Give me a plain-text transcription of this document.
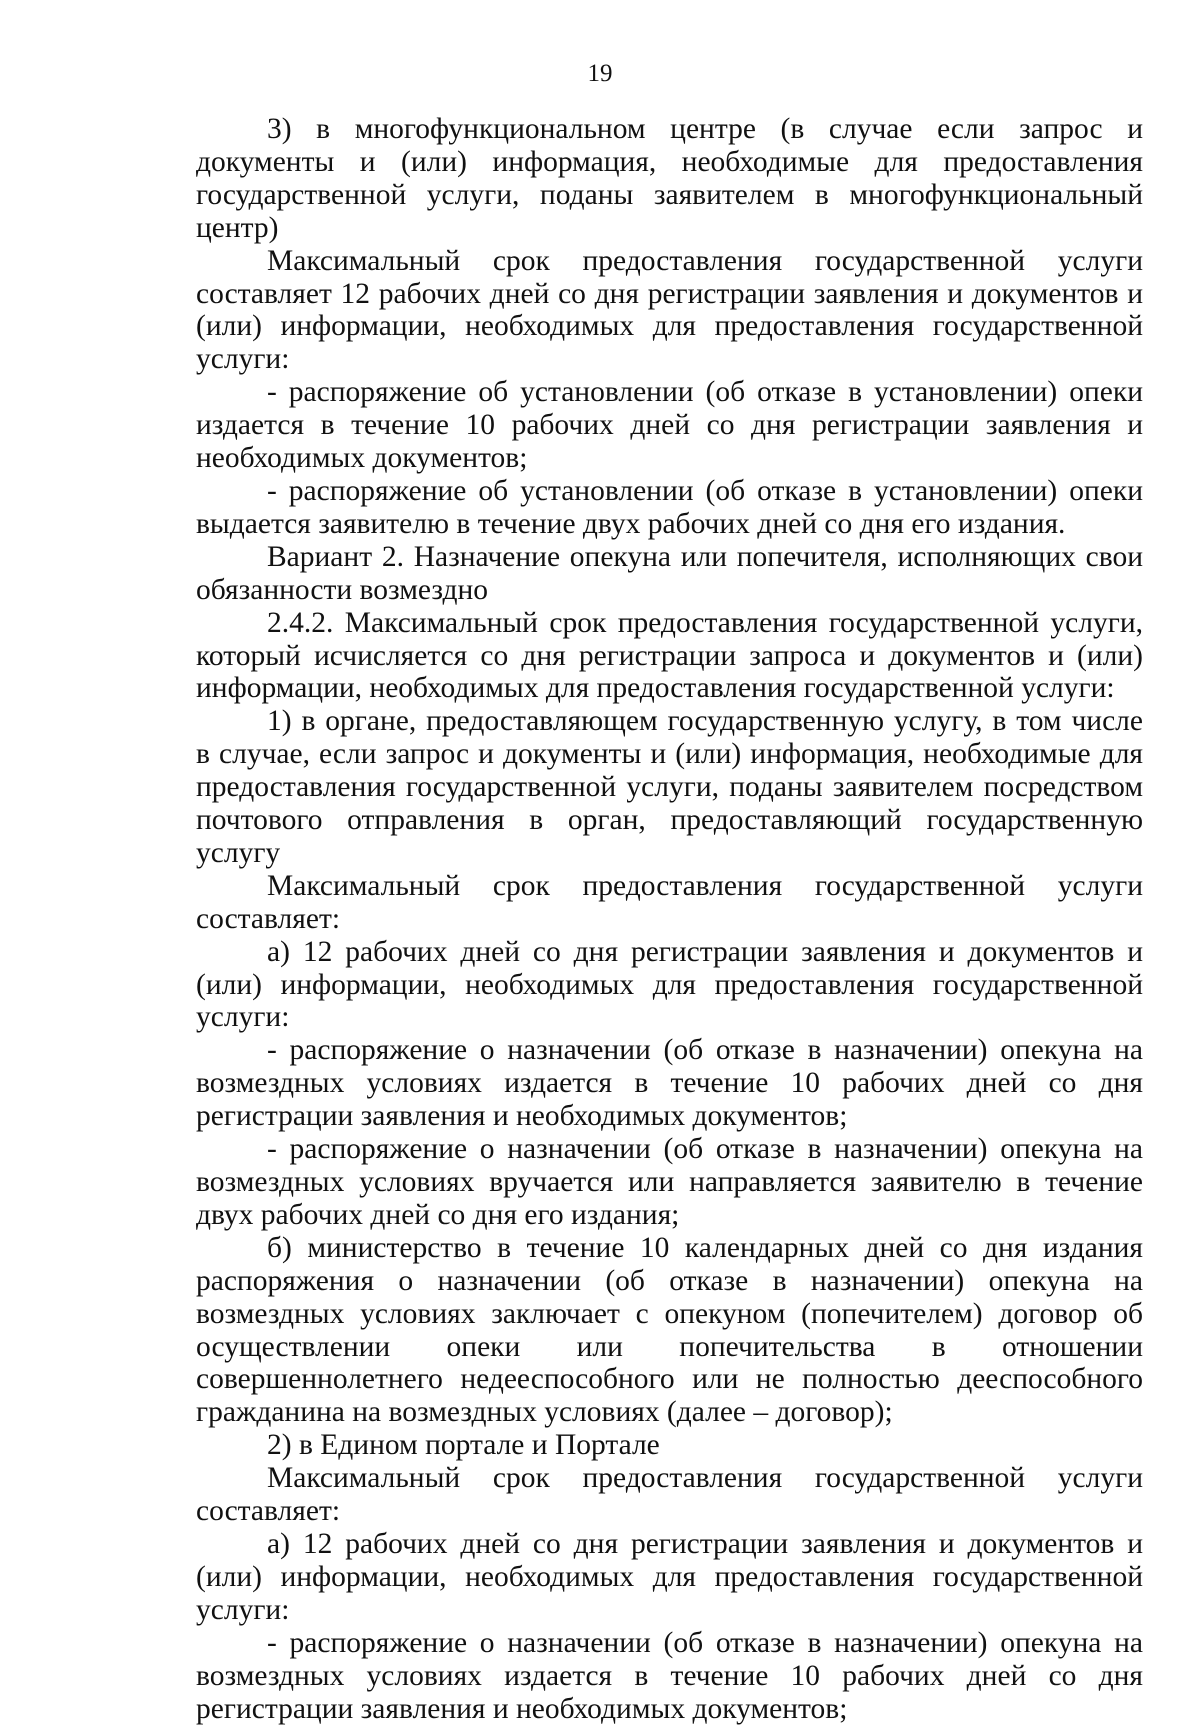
19

3) в многофункциональном центре (в случае если запрос и документы и (или) информация, необходимые для предоставления государственной услуги, поданы заявителем в многофункциональный центр)

Максимальный срок предоставления государственной услуги составляет 12 рабочих дней со дня регистрации заявления и документов и (или) информации, необходимых для предоставления государственной услуги:

- распоряжение об установлении (об отказе в установлении) опеки издается в течение 10 рабочих дней со дня регистрации заявления и необходимых документов;

- распоряжение об установлении (об отказе в установлении) опеки выдается заявителю в течение двух рабочих дней со дня его издания.

Вариант 2. Назначение опекуна или попечителя, исполняющих свои обязанности возмездно

2.4.2. Максимальный срок предоставления государственной услуги, который исчисляется со дня регистрации запроса и документов и (или) информации, необходимых для предоставления государственной услуги:

1) в органе, предоставляющем государственную услугу, в том числе в случае, если запрос и документы и (или) информация, необходимые для предоставления государственной услуги, поданы заявителем посредством почтового отправления в орган, предоставляющий государственную услугу

Максимальный срок предоставления государственной услуги составляет:

а) 12 рабочих дней со дня регистрации заявления и документов и (или) информации, необходимых для предоставления государственной услуги:

- распоряжение о назначении (об отказе в назначении) опекуна на возмездных условиях издается в течение 10 рабочих дней со дня регистрации заявления и необходимых документов;

- распоряжение о назначении (об отказе в назначении) опекуна на возмездных условиях вручается или направляется заявителю в течение двух рабочих дней со дня его издания;

б) министерство в течение 10 календарных дней со дня издания распоряжения о назначении (об отказе в назначении) опекуна на возмездных условиях заключает с опекуном (попечителем) договор об осуществлении опеки или попечительства в отношении совершеннолетнего недееспособного или не полностью дееспособного гражданина на возмездных условиях (далее – договор);

2) в Едином портале и Портале

Максимальный срок предоставления государственной услуги составляет:

а) 12 рабочих дней со дня регистрации заявления и документов и (или) информации, необходимых для предоставления государственной услуги:

- распоряжение о назначении (об отказе в назначении) опекуна на возмездных условиях издается в течение 10 рабочих дней со дня регистрации заявления и необходимых документов;
